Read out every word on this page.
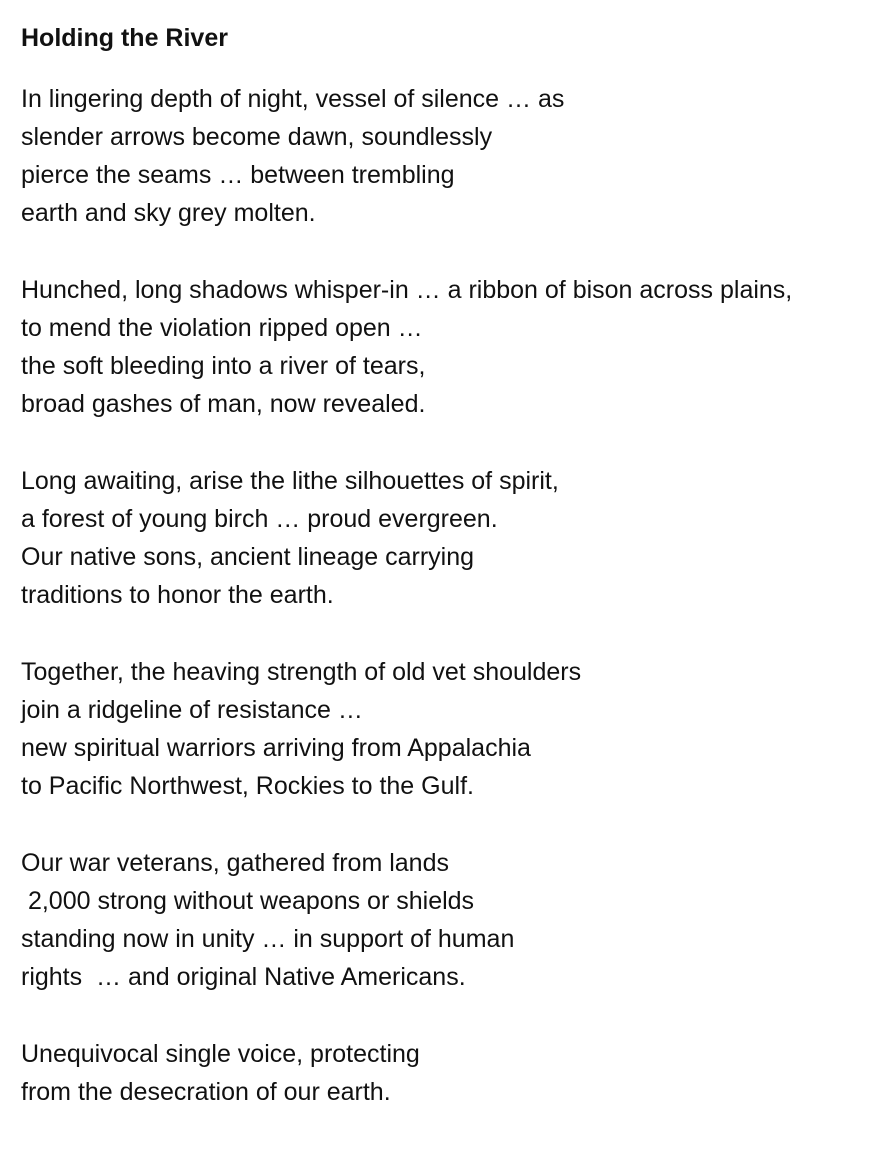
Holding the River
In lingering depth of night, vessel of silence … as
slender arrows become dawn, soundlessly
pierce the seams … between trembling
earth and sky grey molten.
Hunched, long shadows whisper-in … a ribbon of bison across plains,
to mend the violation ripped open …
the soft bleeding into a river of tears,
broad gashes of man, now revealed.
Long awaiting, arise the lithe silhouettes of spirit,
a forest of young birch … proud evergreen.
Our native sons, ancient lineage carrying
traditions to honor the earth.
Together, the heaving strength of old vet shoulders
join a ridgeline of resistance …
new spiritual warriors arriving from Appalachia
to Pacific Northwest, Rockies to the Gulf.
Our war veterans, gathered from lands
2,000 strong without weapons or shields
standing now in unity … in support of human
rights  … and original Native Americans.
Unequivocal single voice, protecting
from the desecration of our earth.
